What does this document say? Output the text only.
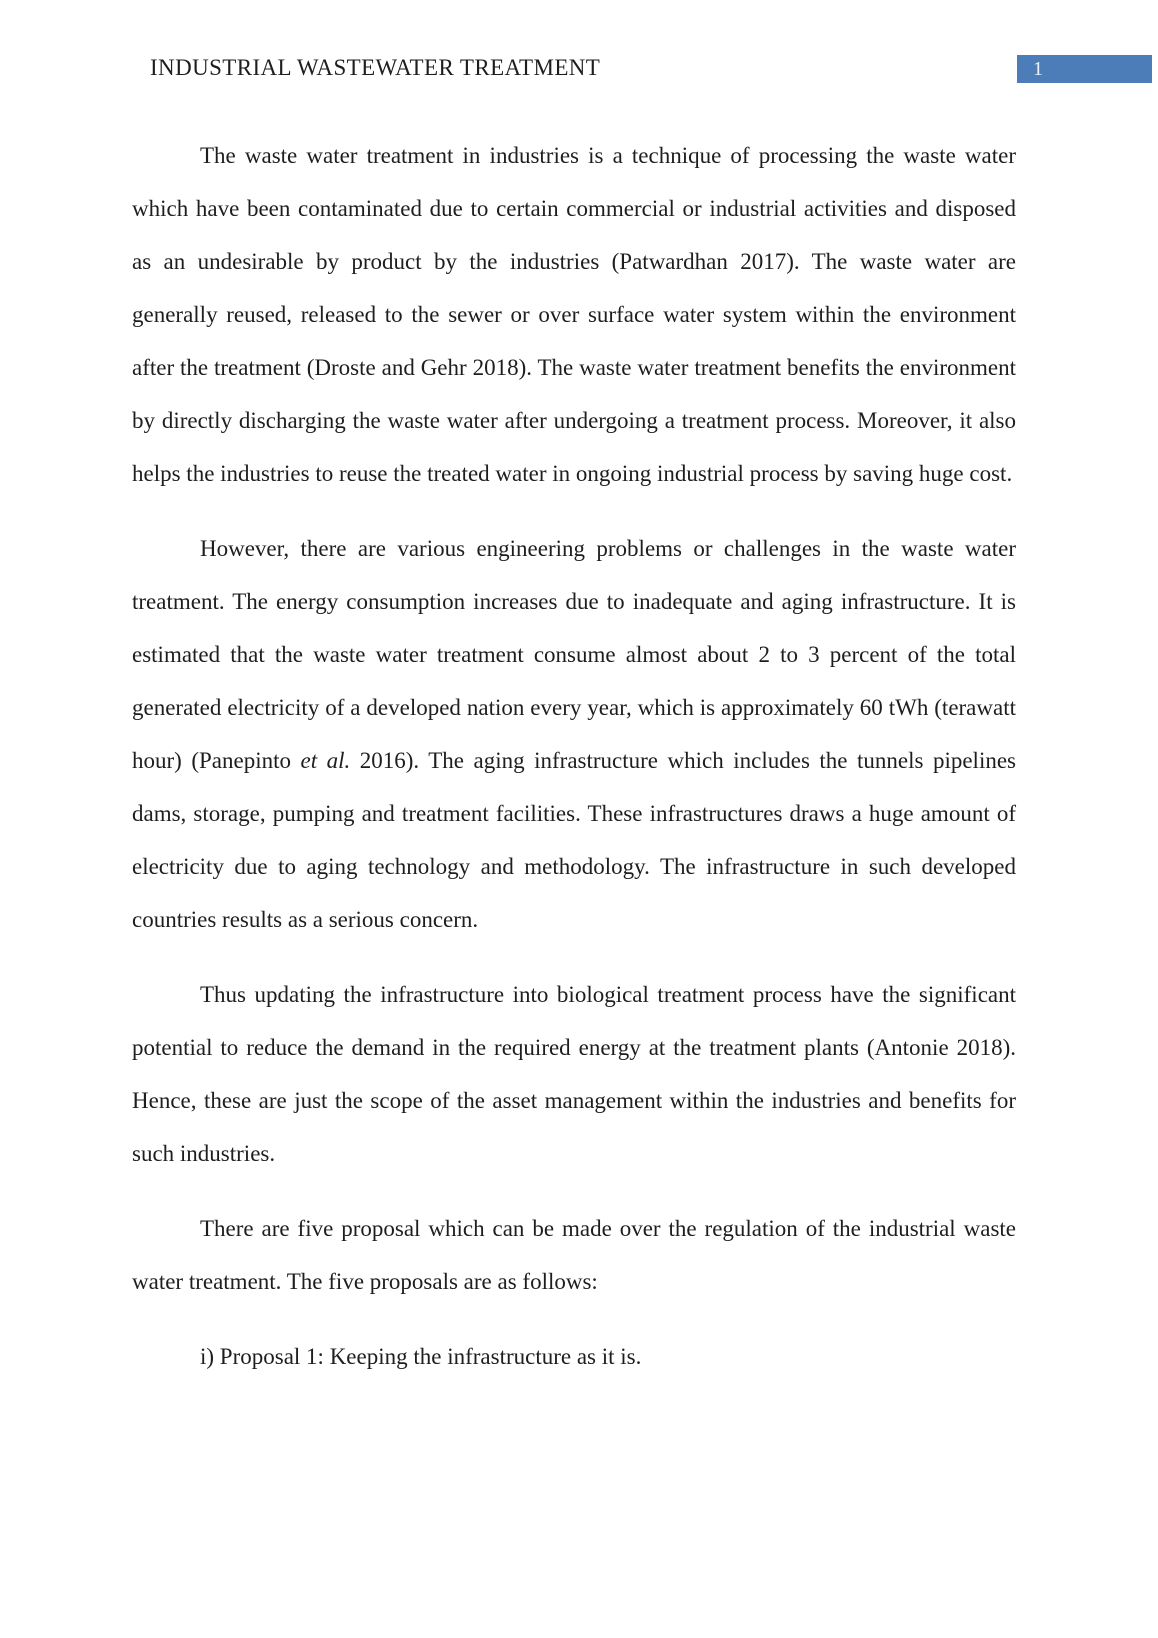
INDUSTRIAL WASTEWATER TREATMENT	1

The waste water treatment in industries is a technique of processing the waste water which have been contaminated due to certain commercial or industrial activities and disposed as an undesirable by product by the industries (Patwardhan 2017). The waste water are generally reused, released to the sewer or over surface water system within the environment after the treatment (Droste and Gehr 2018). The waste water treatment benefits the environment by directly discharging the waste water after undergoing a treatment process. Moreover, it also helps the industries to reuse the treated water in ongoing industrial process by saving huge cost.

However, there are various engineering problems or challenges in the waste water treatment. The energy consumption increases due to inadequate and aging infrastructure. It is estimated that the waste water treatment consume almost about 2 to 3 percent of the total generated electricity of a developed nation every year, which is approximately 60 tWh (terawatt hour) (Panepinto et al. 2016). The aging infrastructure which includes the tunnels pipelines dams, storage, pumping and treatment facilities. These infrastructures draws a huge amount of electricity due to aging technology and methodology. The infrastructure in such developed countries results as a serious concern.

Thus updating the infrastructure into biological treatment process have the significant potential to reduce the demand in the required energy at the treatment plants (Antonie 2018). Hence, these are just the scope of the asset management within the industries and benefits for such industries.

There are five proposal which can be made over the regulation of the industrial waste water treatment. The five proposals are as follows:

i) Proposal 1: Keeping the infrastructure as it is.
